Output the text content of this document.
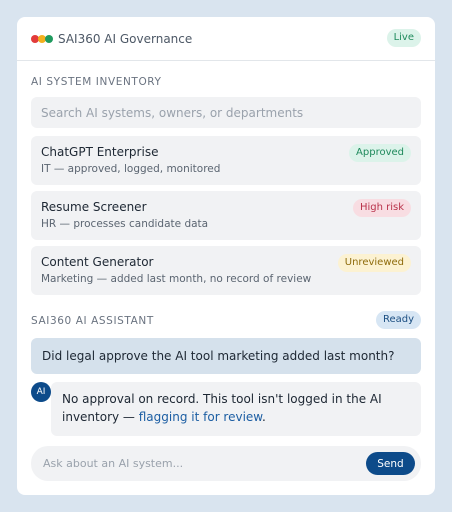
SAI360 AI Governance	Live
AI SYSTEM INVENTORY
Search AI systems, owners, or departments
ChatGPT Enterprise
IT — approved, logged, monitored
Approved
Resume Screener
HR — processes candidate data
High risk
Content Generator
Marketing — added last month, no record of review
Unreviewed
SAI360 AI ASSISTANT	Ready
Did legal approve the AI tool marketing added last month?
AI	No approval on record. This tool isn't logged in the AI inventory — flagging it for review.
Ask about an AI system...
Send
